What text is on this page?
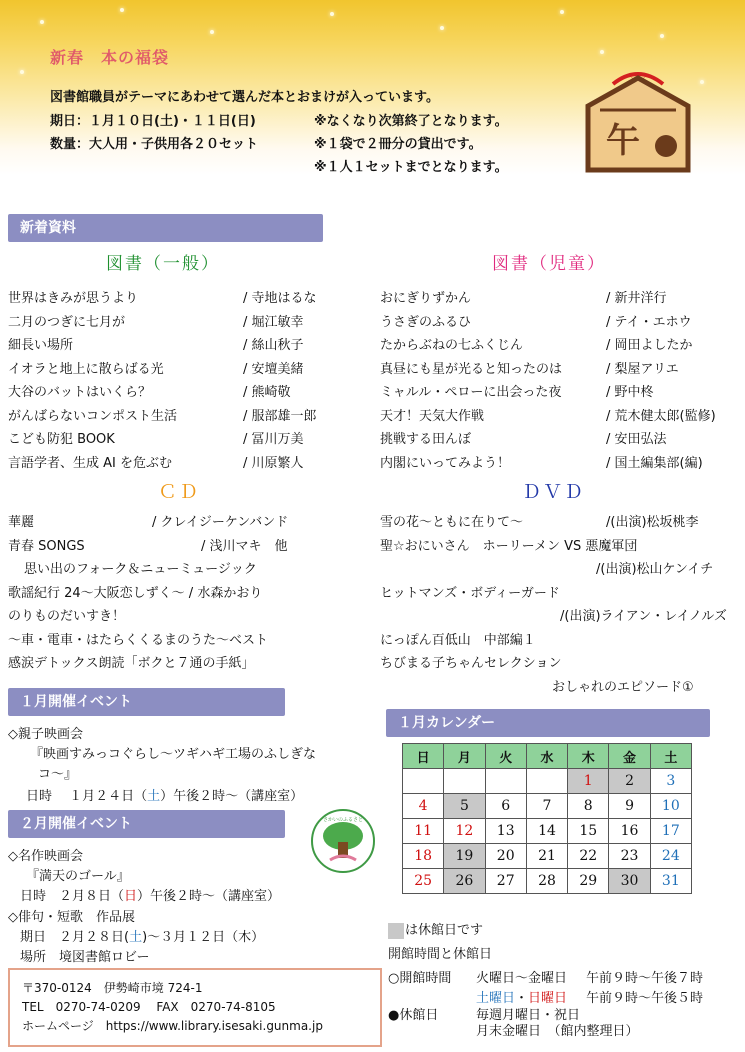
新春　本の福袋
図書館職員がテーマにあわせて選んだ本とおまけが入っています。
期日：１月１０日(土)・１１日(日)	※なくなり次第終了となります。
数量：大人用・子供用各２０セット	※１袋で２冊分の貸出です。
※１人１セットまでとなります。
午
新着資料
図書（一般）	図書（児童）
世界はきみが思うより	/ 寺地はるな
二月のつぎに七月が	/ 堀江敏幸
細長い場所	/ 絲山秋子
イオラと地上に散らばる光	/ 安壇美緒
大谷のバットはいくら？	/ 熊崎敬
がんばらないコンポスト生活	/ 服部雄一郎
こども防犯 BOOK	/ 冨川万美
言語学者、生成 AI を危ぶむ	/ 川原繁人
おにぎりずかん	/ 新井洋行
うさぎのふるひ	/ テイ・エホウ
たからぶねの七ふくじん	/ 岡田よしたか
真昼にも星が光ると知ったのは	/ 梨屋アリエ
ミャルル・ペローに出会った夜	/ 野中柊
天才！天気大作戦	/ 荒木健太郎(監修)
挑戦する田んぼ	/ 安田弘法
内閣にいってみよう！	/ 国土編集部(編)
ＣＤ	ＤＶＤ
華麗	/ クレイジーケンバンド
青春 SONGS	/ 浅川マキ　他
思い出のフォーク＆ニューミュージック
歌謡紀行 24～大阪恋しずく～ / 水森かおり
のりものだいすき！
～車・電車・はたらくくるまのうた～ベスト
感涙デトックス朗読「ボクと７通の手紙」
雪の花～ともに在りて～	/(出演)松坂桃李
聖☆おにいさん　ホーリーメン VS 悪魔軍団
/(出演)松山ケンイチ
ヒットマンズ・ボディーガード
/(出演)ライアン・レイノルズ
にっぽん百低山　中部編１
ちびまる子ちゃんセレクション
おしゃれのエピソード①
１月開催イベント
◇親子映画会
『映画すみっコぐらし～ツギハギ工場のふしぎな
コ～』
日時　 １月２４日（土）午後２時～（講座室）
２月開催イベント
◇名作映画会
『満天のゴール』
日時　２月８日（日）午後２時～（講座室）
◇俳句・短歌　作品展
期日　２月２８日(土)～３月１２日（木）
場所　境図書館ロビー
さかいのふるさと
１月カレンダー
日	月	火	水	木	金	土
				1	2	3
4	5	6	7	8	9	10
11	12	13	14	15	16	17
18	19	20	21	22	23	24
25	26	27	28	29	30	31
は休館日です
開館時間と休館日
○開館時間 火曜日～金曜日 午前９時～午後７時
土曜日・日曜日 午前９時～午後５時
●休館日	毎週月曜日・祝日
月末金曜日　（館内整理日）
〒370-0124　伊勢崎市境 724-1
TEL　0270-74-0209　 FAX　0270-74-8105
ホームページ　https://www.library.isesaki.gunma.jp
